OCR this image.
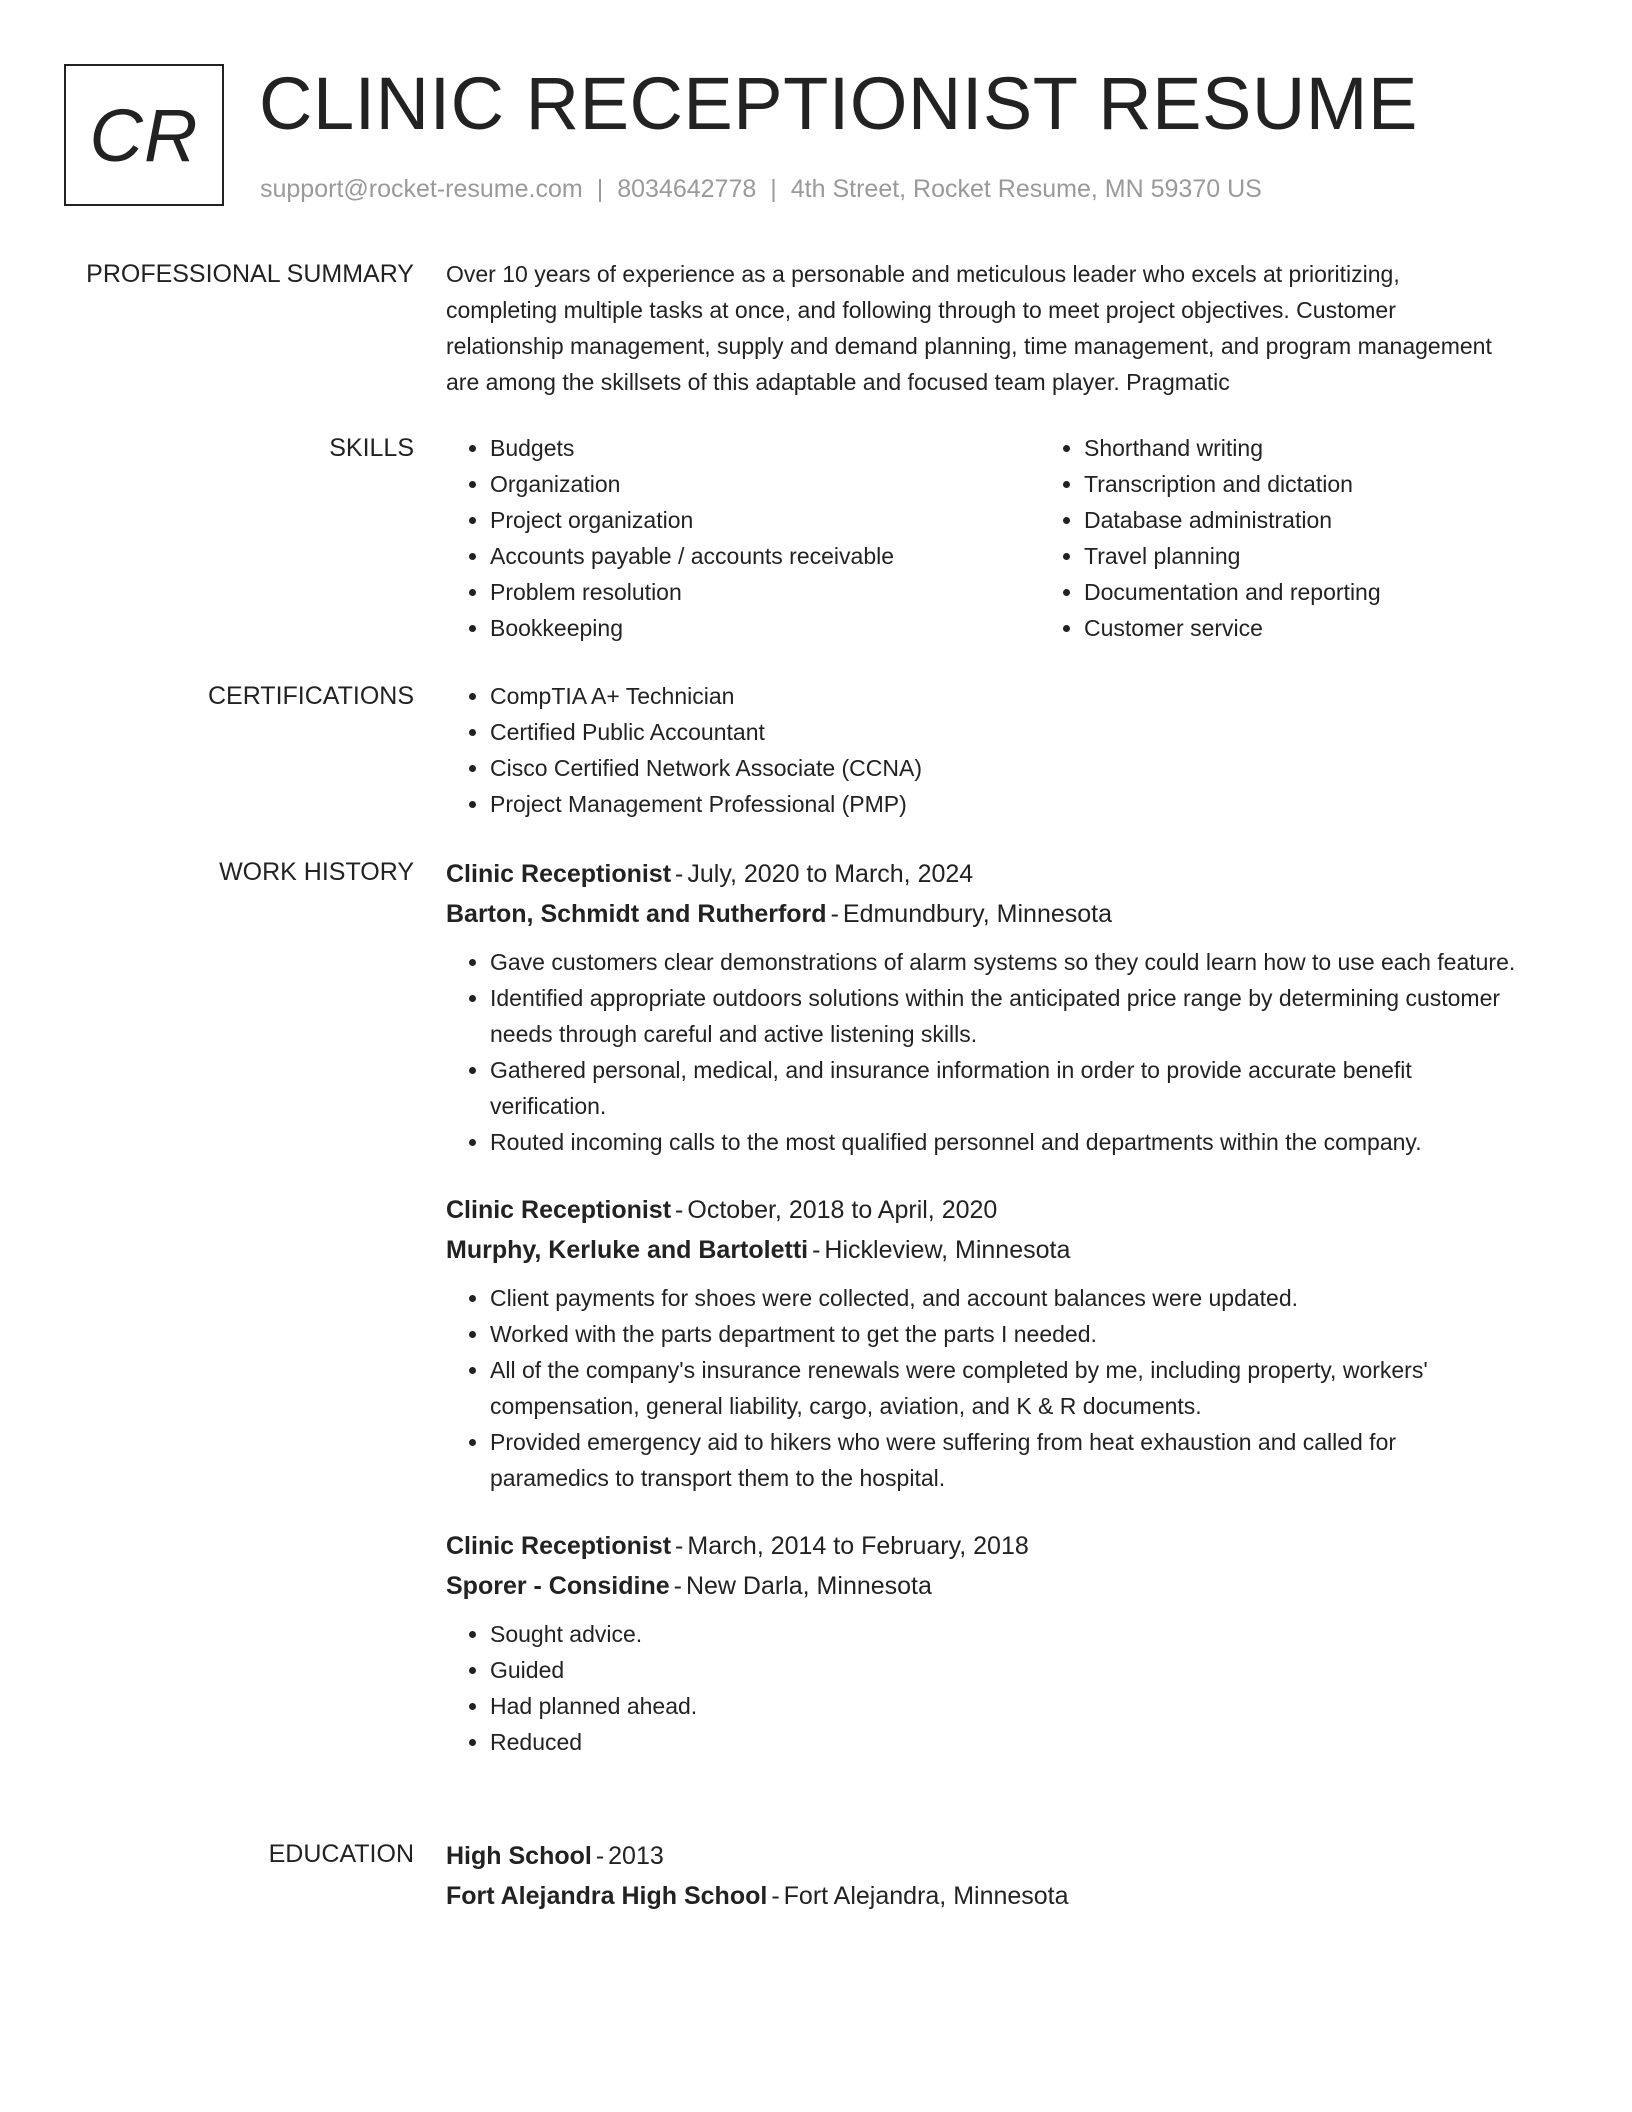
CR CLINIC RECEPTIONIST RESUME
support@rocket-resume.com | 8034642778 | 4th Street, Rocket Resume, MN 59370 US
PROFESSIONAL SUMMARY Over 10 years of experience as a personable and meticulous leader who excels at prioritizing, completing multiple tasks at once, and following through to meet project objectives. Customer relationship management, supply and demand planning, time management, and program management are among the skillsets of this adaptable and focused team player. Pragmatic

SKILLS	• Budgets
• Organization
• Project organization
• Accounts payable / accounts receivable
• Problem resolution
• Bookkeeping
• Shorthand writing
• Transcription and dictation
• Database administration
• Travel planning
• Documentation and reporting
• Customer service
CERTIFICATIONS	• CompTIA A+ Technician
• Certified Public Accountant
• Cisco Certified Network Associate (CCNA)
• Project Management Professional (PMP)
WORK HISTORY Clinic Receptionist - July, 2020 to March, 2024
Barton, Schmidt and Rutherford - Edmundbury, Minnesota
• Gave customers clear demonstrations of alarm systems so they could learn how to use each feature.
• Identified appropriate outdoors solutions within the anticipated price range by determining customer needs through careful and active listening skills.
• Gathered personal, medical, and insurance information in order to provide accurate benefit verification.
• Routed incoming calls to the most qualified personnel and departments within the company.
Clinic Receptionist - October, 2018 to April, 2020
Murphy, Kerluke and Bartoletti - Hickleview, Minnesota
• Client payments for shoes were collected, and account balances were updated.
• Worked with the parts department to get the parts I needed.
• All of the company's insurance renewals were completed by me, including property, workers' compensation, general liability, cargo, aviation, and K & R documents.
• Provided emergency aid to hikers who were suffering from heat exhaustion and called for paramedics to transport them to the hospital.
Clinic Receptionist - March, 2014 to February, 2018
Sporer - Considine - New Darla, Minnesota
• Sought advice.
• Guided
• Had planned ahead.
• Reduced
EDUCATION High School - 2013
Fort Alejandra High School - Fort Alejandra, Minnesota
